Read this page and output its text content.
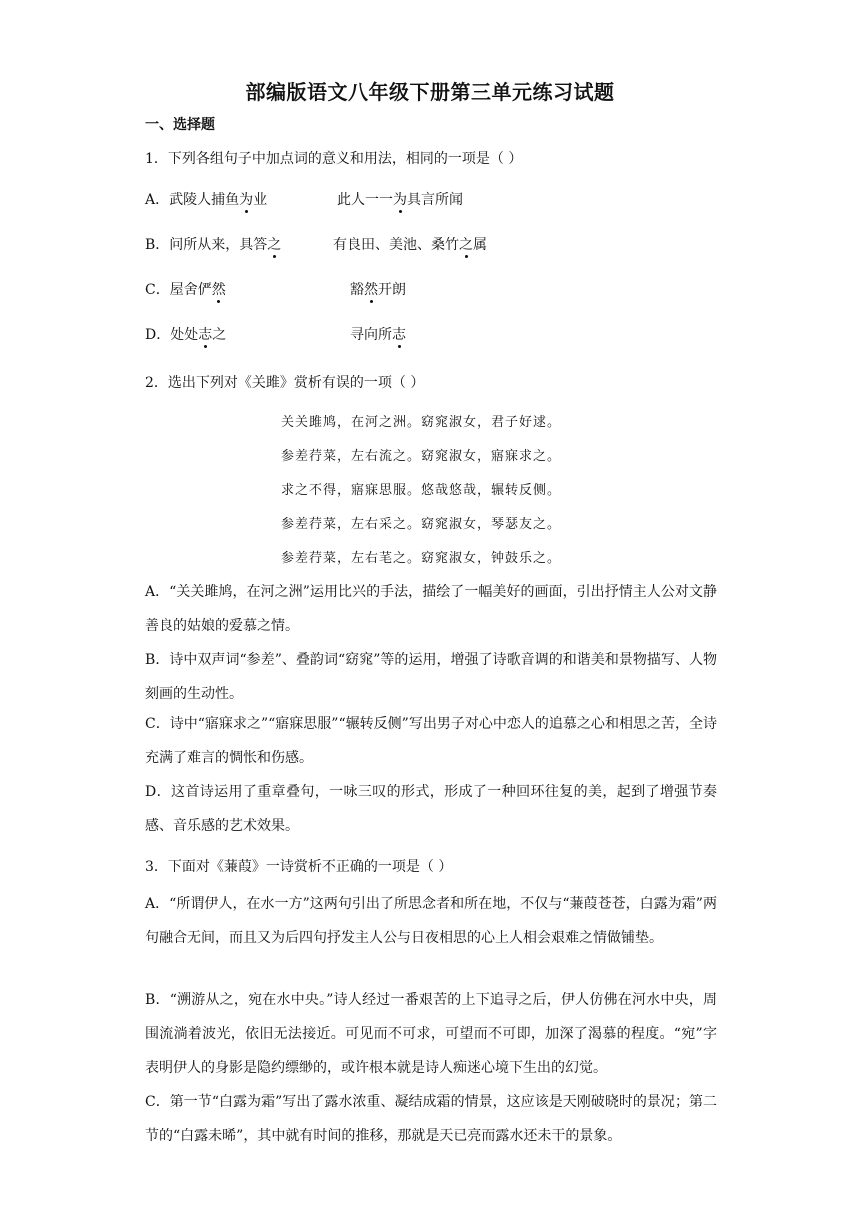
部编版语文八年级下册第三单元练习试题
一、选择题
1．下列各组句子中加点词的意义和用法，相同的一项是（ ）
A．武陵人捕鱼为业	此人一一为具言所闻
B．问所从来，具答之	有良田、美池、桑竹之属
C．屋舍俨然	豁然开朗
D．处处志之	寻向所志
2．选出下列对《关雎》赏析有误的一项（ ）
关关雎鸠，在河之洲。窈窕淑女，君子好逑。
参差荇菜，左右流之。窈窕淑女，寤寐求之。
求之不得，寤寐思服。悠哉悠哉，辗转反侧。
参差荇菜，左右采之。窈窕淑女，琴瑟友之。
参差荇菜，左右芼之。窈窕淑女，钟鼓乐之。
A．“关关雎鸠，在河之洲”运用比兴的手法，描绘了一幅美好的画面，引出抒情主人公对文静善良的姑娘的爱慕之情。
B．诗中双声词“参差”、叠韵词“窈窕”等的运用，增强了诗歌音调的和谐美和景物描写、人物刻画的生动性。
C．诗中“寤寐求之”“寤寐思服”“辗转反侧”写出男子对心中恋人的追慕之心和相思之苦，全诗充满了难言的惆怅和伤感。
D．这首诗运用了重章叠句，一咏三叹的形式，形成了一种回环往复的美，起到了增强节奏感、音乐感的艺术效果。
3．下面对《蒹葭》一诗赏析不正确的一项是（ ）
A．“所谓伊人，在水一方”这两句引出了所思念者和所在地，不仅与“蒹葭苍苍，白露为霜”两句融合无间，而且又为后四句抒发主人公与日夜相思的心上人相会艰难之情做铺垫。
B．“溯游从之，宛在水中央。”诗人经过一番艰苦的上下追寻之后，伊人仿佛在河水中央，周围流淌着波光，依旧无法接近。可见而不可求，可望而不可即，加深了渴慕的程度。“宛”字表明伊人的身影是隐约缥缈的，或许根本就是诗人痴迷心境下生出的幻觉。
C．第一节“白露为霜”写出了露水浓重、凝结成霜的情景，这应该是天刚破晓时的景况；第二节的“白露未晞”，其中就有时间的推移，那就是天已亮而露水还未干的景象。
